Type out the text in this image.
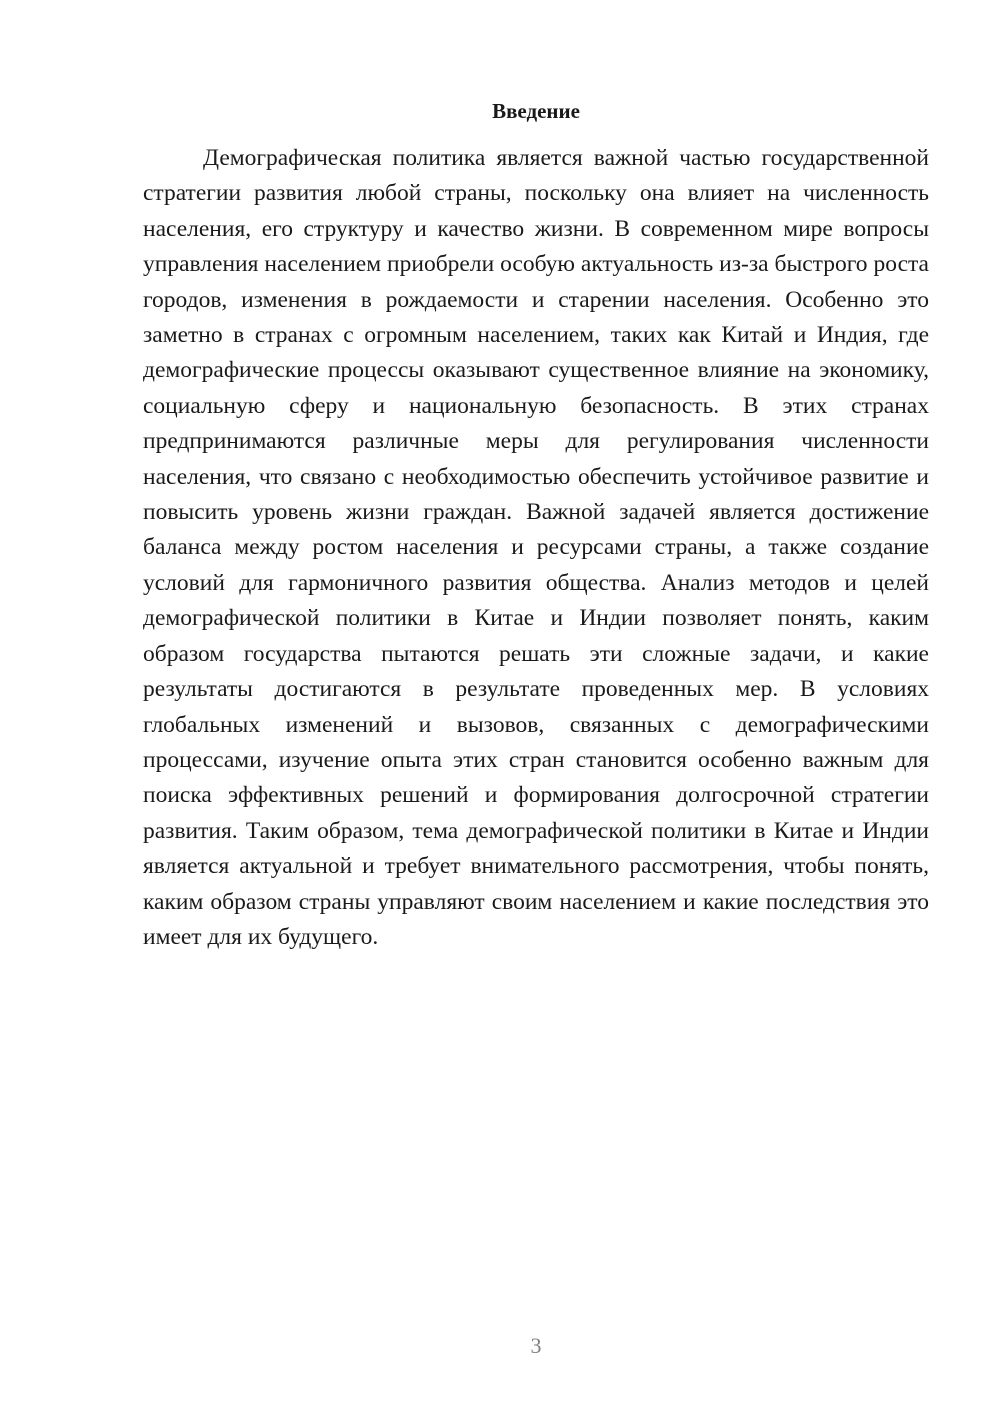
Введение

Демографическая политика является важной частью государственной стратегии развития любой страны, поскольку она влияет на численность населения, его структуру и качество жизни. В современном мире вопросы управления населением приобрели особую актуальность из-за быстрого роста городов, изменения в рождаемости и старении населения. Особенно это заметно в странах с огромным населением, таких как Китай и Индия, где демографические процессы оказывают существенное влияние на экономику, социальную сферу и национальную безопасность. В этих странах предпринимаются различные меры для регулирования численности населения, что связано с необходимостью обеспечить устойчивое развитие и повысить уровень жизни граждан. Важной задачей является достижение баланса между ростом населения и ресурсами страны, а также создание условий для гармоничного развития общества. Анализ методов и целей демографической политики в Китае и Индии позволяет понять, каким образом государства пытаются решать эти сложные задачи, и какие результаты достигаются в результате проведенных мер. В условиях глобальных изменений и вызовов, связанных с демографическими процессами, изучение опыта этих стран становится особенно важным для поиска эффективных решений и формирования долгосрочной стратегии развития. Таким образом, тема демографической политики в Китае и Индии является актуальной и требует внимательного рассмотрения, чтобы понять, каким образом страны управляют своим населением и какие последствия это имеет для их будущего.

3
